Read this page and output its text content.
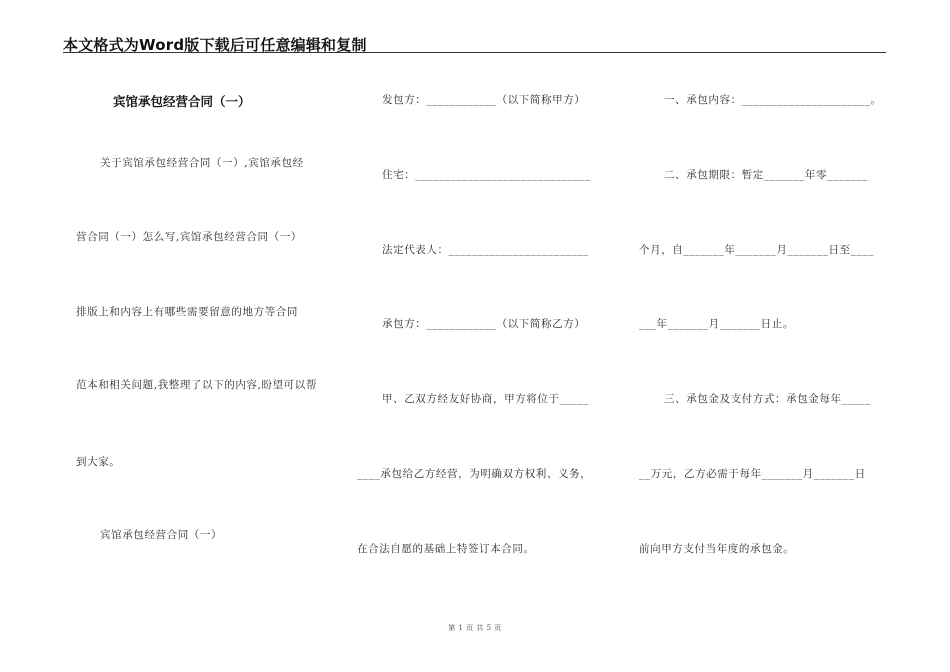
本文格式为Word版下载后可任意编辑和复制
宾馆承包经营合同（一）
关于宾馆承包经营合同（一）,宾馆承包经
营合同（一）怎么写,宾馆承包经营合同（一）
排版上和内容上有哪些需要留意的地方等合同
范本和相关问题,我整理了以下的内容,盼望可以帮
到大家。
宾馆承包经营合同（一）
发包方：____________（以下简称甲方）
住宅：______________________________
法定代表人：________________________
承包方：____________（以下简称乙方）
甲、乙双方经友好协商，甲方将位于_____
____承包给乙方经营，为明确双方权利、义务，
在合法自愿的基础上特签订本合同。
一、承包内容：______________________。
二、承包期限：暂定_______年零_______
个月，自_______年_______月_______日至____
___年_______月_______日止。
三、承包金及支付方式：承包金每年_____
__万元，乙方必需于每年_______月_______日
前向甲方支付当年度的承包金。
第 1 页 共 5 页
